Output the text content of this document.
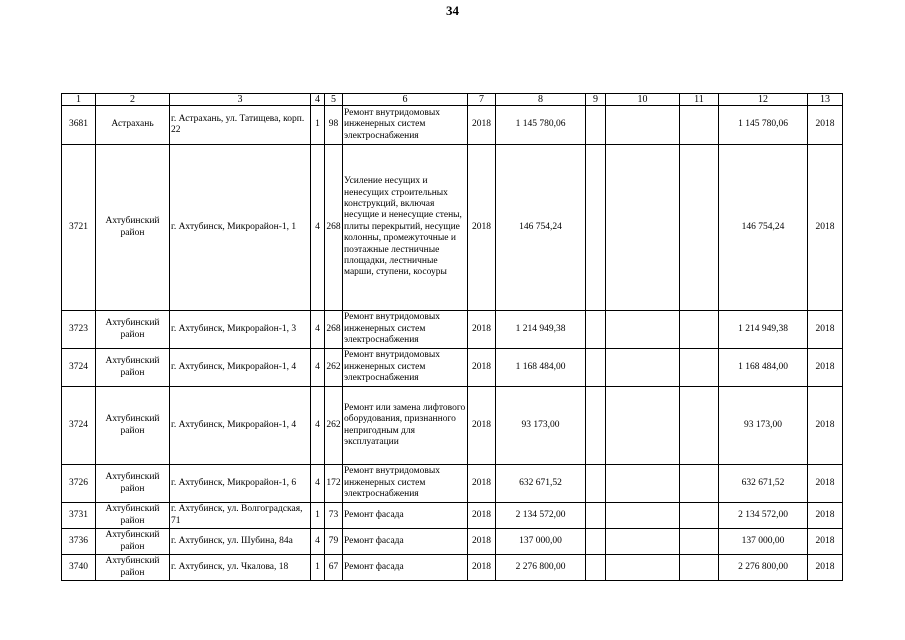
34
1	2	3	4	5	6	7	8	9	10	11	12	13
3681	Астрахань	г. Астрахань, ул. Татищева, корп. 22	1	98	Ремонт внутридомовых инженерных систем электроснабжения	2018	1 145 780,06				1 145 780,06	2018
3721	Ахтубинский район	г. Ахтубинск, Микрорайон-1, 1	4	268	Усиление несущих и ненесущих строительных конструкций, включая несущие и ненесущие стены, плиты перекрытий, несущие колонны, промежуточные и поэтажные лестничные площадки, лестничные марши, ступени, косоуры	2018	146 754,24				146 754,24	2018
3723	Ахтубинский район	г. Ахтубинск, Микрорайон-1, 3	4	268	Ремонт внутридомовых инженерных систем электроснабжения	2018	1 214 949,38				1 214 949,38	2018
3724	Ахтубинский район	г. Ахтубинск, Микрорайон-1, 4	4	262	Ремонт внутридомовых инженерных систем электроснабжения	2018	1 168 484,00				1 168 484,00	2018
3724	Ахтубинский район	г. Ахтубинск, Микрорайон-1, 4	4	262	Ремонт или замена лифтового оборудования, признанного непригодным для эксплуатации	2018	93 173,00				93 173,00	2018
3726	Ахтубинский район	г. Ахтубинск, Микрорайон-1, 6	4	172	Ремонт внутридомовых инженерных систем электроснабжения	2018	632 671,52				632 671,52	2018
3731	Ахтубинский район	г. Ахтубинск, ул. Волгоградская, 71	1	73	Ремонт фасада	2018	2 134 572,00				2 134 572,00	2018
3736	Ахтубинский район	г. Ахтубинск, ул. Шубина, 84а	4	79	Ремонт фасада	2018	137 000,00				137 000,00	2018
3740	Ахтубинский район	г. Ахтубинск, ул. Чкалова, 18	1	67	Ремонт фасада	2018	2 276 800,00				2 276 800,00	2018
